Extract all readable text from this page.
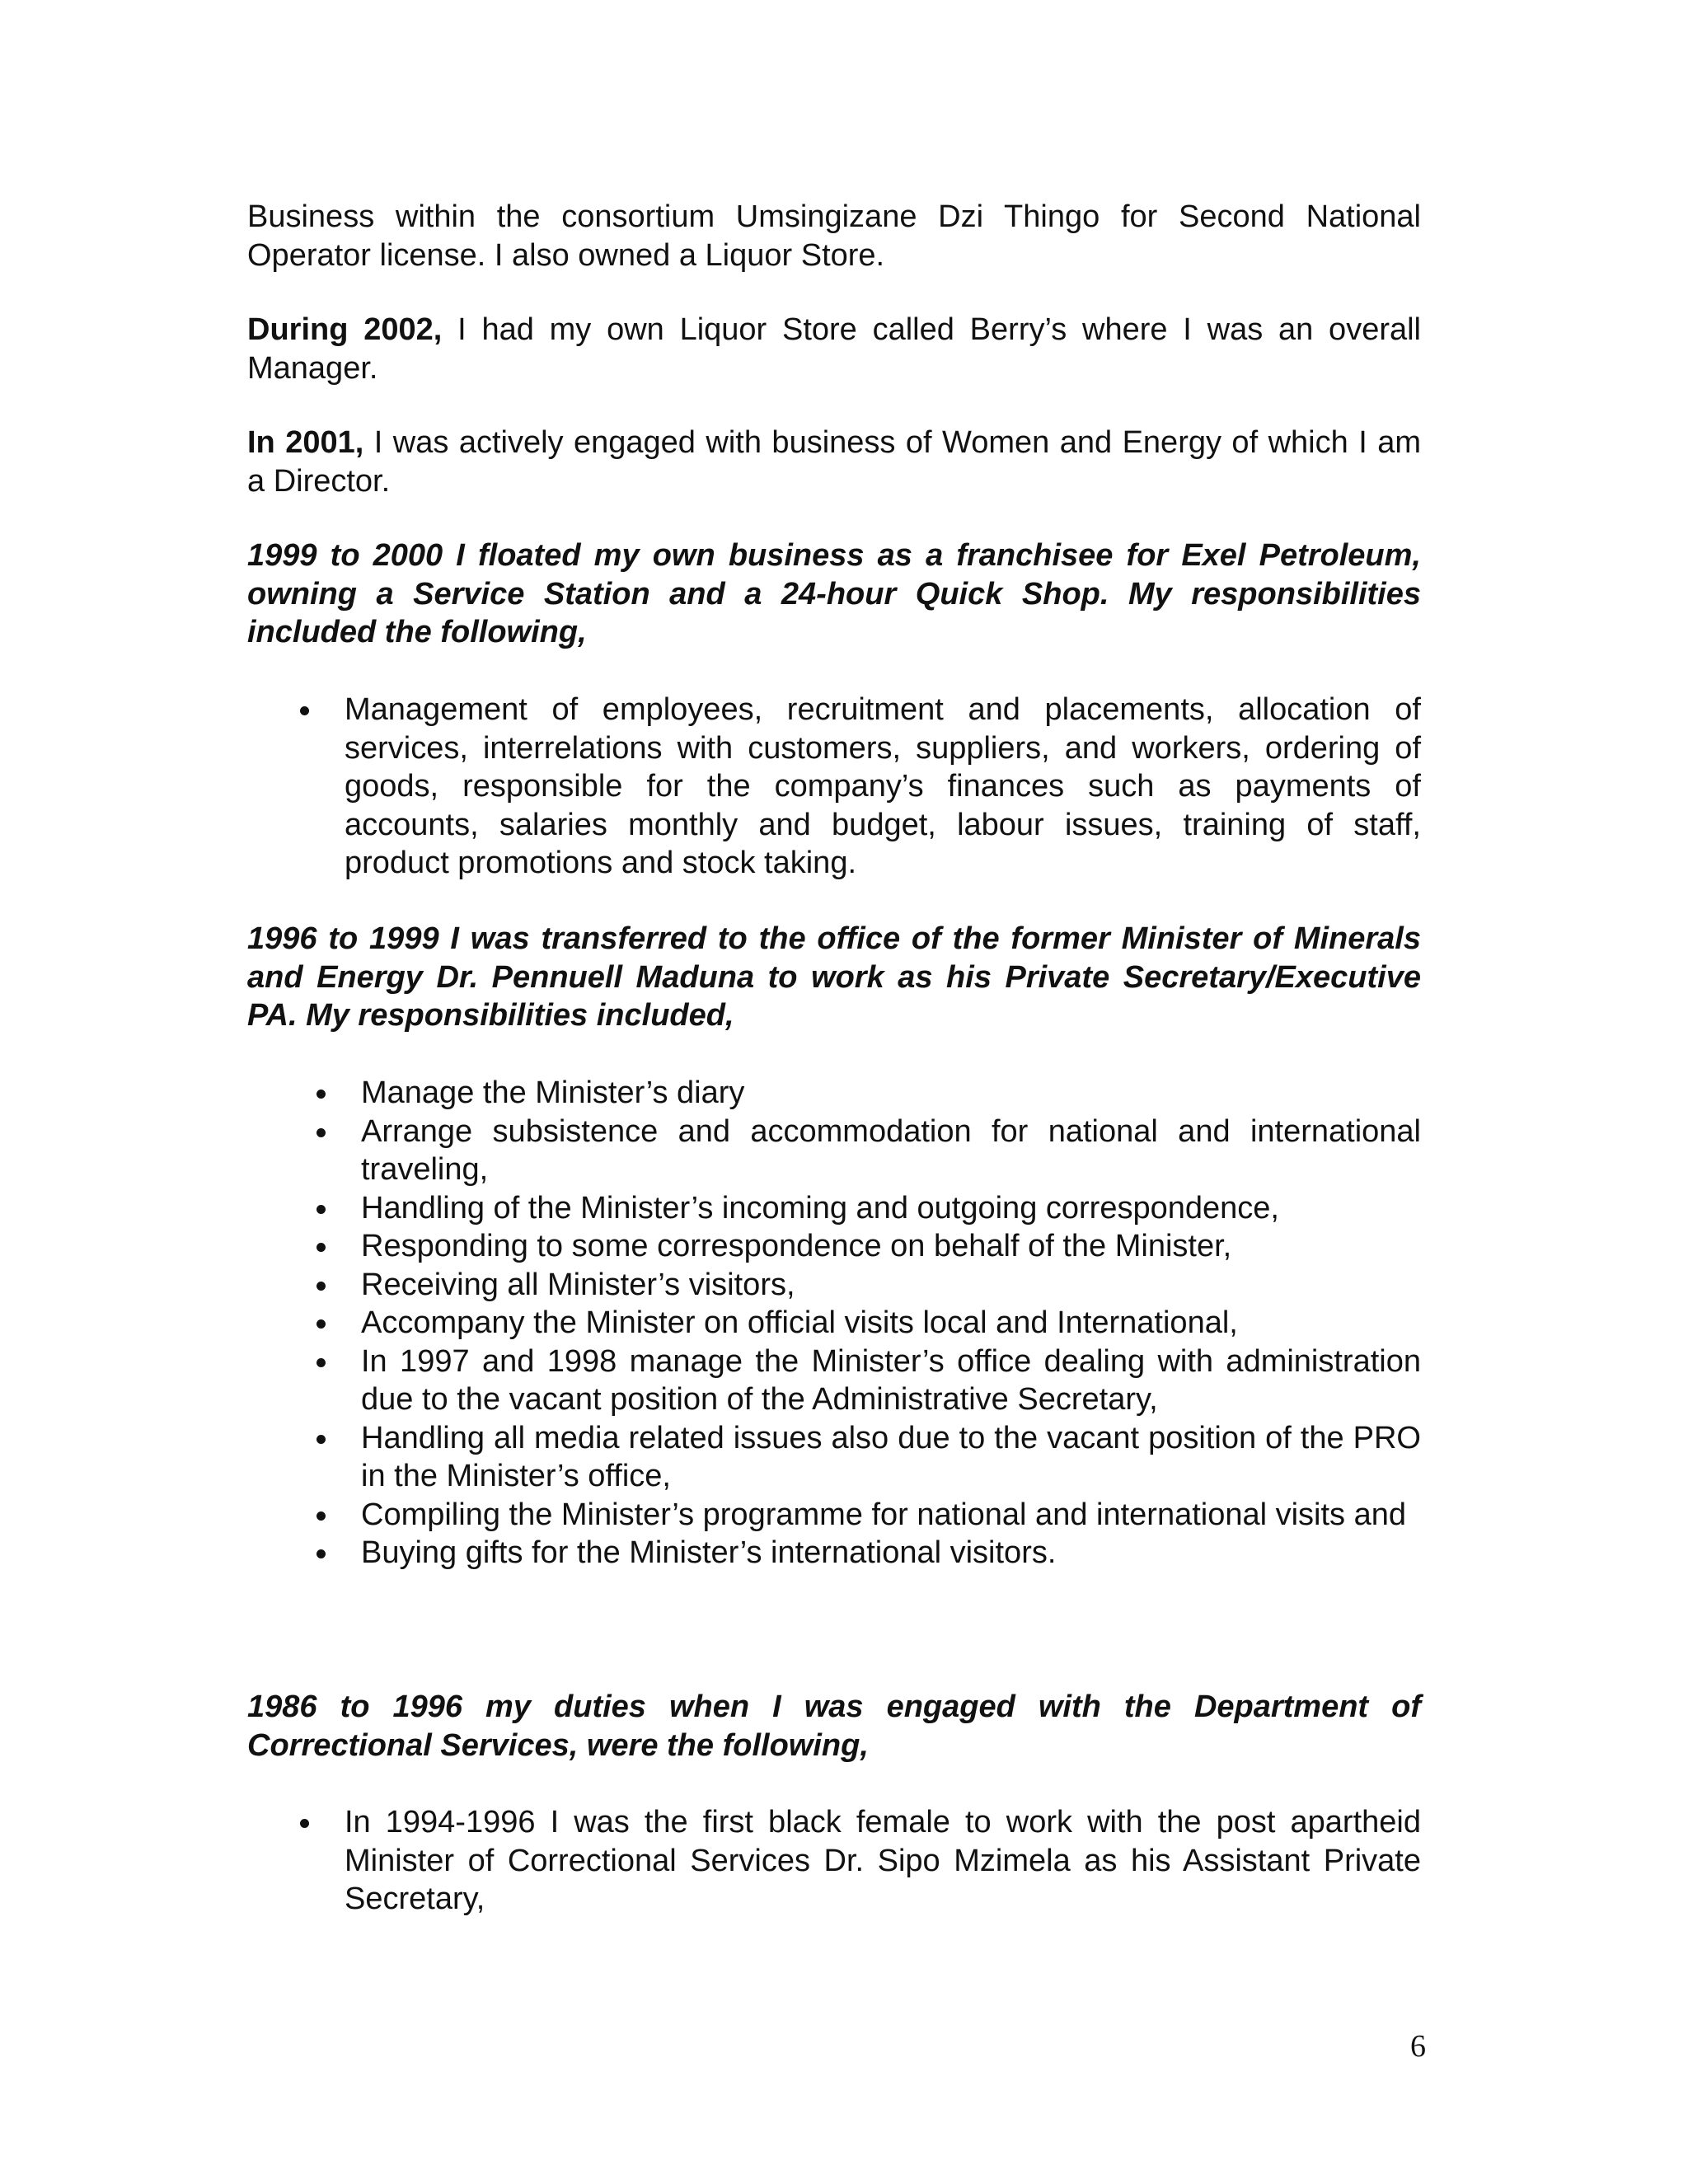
Business within the consortium Umsingizane Dzi Thingo for Second National Operator license. I also owned a Liquor Store.

During 2002, I had my own Liquor Store called Berry’s where I was an overall Manager.

In 2001, I was actively engaged with business of Women and Energy of which I am a Director.

1999 to 2000 I floated my own business as a franchisee for Exel Petroleum, owning a Service Station and a 24-hour Quick Shop. My responsibilities included the following,

Management of employees, recruitment and placements, allocation of services, interrelations with customers, suppliers, and workers, ordering of goods, responsible for the company’s finances such as payments of accounts, salaries monthly and budget, labour issues, training of staff, product promotions and stock taking.

1996 to 1999 I was transferred to the office of the former Minister of Minerals and Energy Dr. Pennuell Maduna to work as his Private Secretary/Executive PA. My responsibilities included,

Manage the Minister’s diary
Arrange subsistence and accommodation for national and international traveling,
Handling of the Minister’s incoming and outgoing correspondence,
Responding to some correspondence on behalf of the Minister,
Receiving all Minister’s visitors,
Accompany the Minister on official visits local and International,
In 1997 and 1998 manage the Minister’s office dealing with administration due to the vacant position of the Administrative Secretary,
Handling all media related issues also due to the vacant position of the PRO in the Minister’s office,
Compiling the Minister’s programme for national and international visits and
Buying gifts for the Minister’s international visitors.

1986 to 1996 my duties when I was engaged with the Department of Correctional Services, were the following,

In 1994-1996 I was the first black female to work with the post apartheid Minister of Correctional Services Dr. Sipo Mzimela as his Assistant Private Secretary,
6
